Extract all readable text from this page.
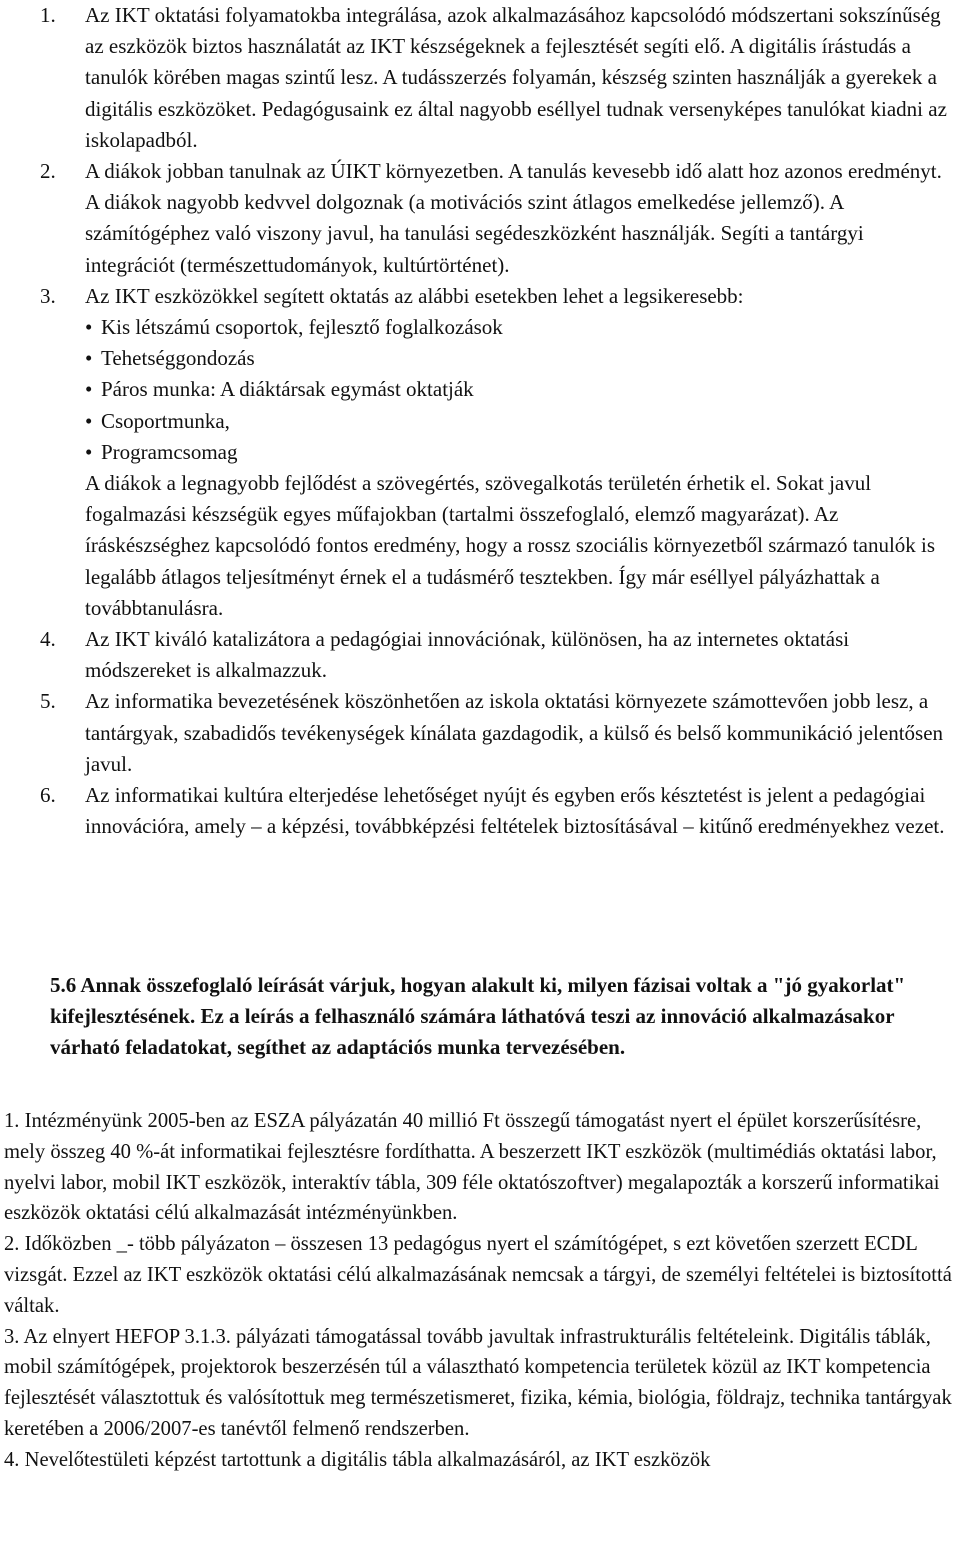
1.	Az IKT oktatási folyamatokba integrálása, azok alkalmazásához kapcsolódó módszertani sokszínűség az eszközök biztos használatát az IKT készségeknek a fejlesztését segíti elő. A digitális írástudás a tanulók körében magas szintű lesz. A tudásszerzés folyamán, készség szinten használják a gyerekek a digitális eszközöket. Pedagógusaink ez által nagyobb eséllyel tudnak versenyképes tanulókat kiadni az iskolapadból.
2.	A diákok jobban tanulnak az ÚIKT környezetben. A tanulás kevesebb idő alatt hoz azonos eredményt. A diákok nagyobb kedvvel dolgoznak (a motivációs szint átlagos emelkedése jellemző). A számítógéphez való viszony javul, ha tanulási segédeszközként használják. Segíti a tantárgyi integrációt (természettudományok, kultúrtörténet).
3.	Az IKT eszközökkel segített oktatás az alábbi esetekben lehet a legsikeresebb:
• Kis létszámú csoportok, fejlesztő foglalkozások
• Tehetséggondozás
• Páros munka: A diáktársak egymást oktatják
• Csoportmunka,
• Programcsomag
A diákok a legnagyobb fejlődést a szövegértés, szövegalkotás területén érhetik el. Sokat javul fogalmazási készségük egyes műfajokban (tartalmi összefoglaló, elemző magyarázat). Az íráskészséghez kapcsolódó fontos eredmény, hogy a rossz szociális környezetből származó tanulók is legalább átlagos teljesítményt érnek el a tudásmérő tesztekben. Így már eséllyel pályázhattak a továbbtanulásra.
4.	Az IKT kiváló katalizátora a pedagógiai innovációnak, különösen, ha az internetes oktatási módszereket is alkalmazzuk.
5.	Az informatika bevezetésének köszönhetően az iskola oktatási környezete számottevően jobb lesz, a tantárgyak, szabadidős tevékenységek kínálata gazdagodik, a külső és belső kommunikáció jelentősen javul.
6.	Az informatikai kultúra elterjedése lehetőséget nyújt és egyben erős késztetést is jelent a pedagógiai innovációra, amely – a képzési, továbbképzési feltételek biztosításával – kitűnő eredményekhez vezet.
5.6 Annak összefoglaló leírását várjuk, hogyan alakult ki, milyen fázisai voltak a "jó gyakorlat" kifejlesztésének. Ez a leírás a felhasználó számára láthatóvá teszi az innováció alkalmazásakor várható feladatokat, segíthet az adaptációs munka tervezésében.

1. Intézményünk 2005-ben az ESZA pályázatán 40 millió Ft összegű támogatást nyert el épület korszerűsítésre, mely összeg 40 %-át informatikai fejlesztésre fordíthatta. A beszerzett IKT eszközök (multimédiás oktatási labor, nyelvi labor, mobil IKT eszközök, interaktív tábla, 309 féle oktatószoftver) megalapozták a korszerű informatikai eszközök oktatási célú alkalmazását intézményünkben.

2. Időközben _- több pályázaton – összesen 13 pedagógus nyert el számítógépet, s ezt követően szerzett ECDL vizsgát. Ezzel az IKT eszközök oktatási célú alkalmazásának nemcsak a tárgyi, de személyi feltételei is biztosítottá váltak.

3. Az elnyert HEFOP 3.1.3. pályázati támogatással tovább javultak infrastrukturális feltételeink. Digitális táblák, mobil számítógépek, projektorok beszerzésén túl a választható kompetencia területek közül az IKT kompetencia fejlesztését választottuk és valósítottuk meg természetismeret, fizika, kémia, biológia, földrajz, technika tantárgyak keretében a 2006/2007-es tanévtől felmenő rendszerben.

4. Nevelőtestületi képzést tartottunk a digitális tábla alkalmazásáról, az IKT eszközök
